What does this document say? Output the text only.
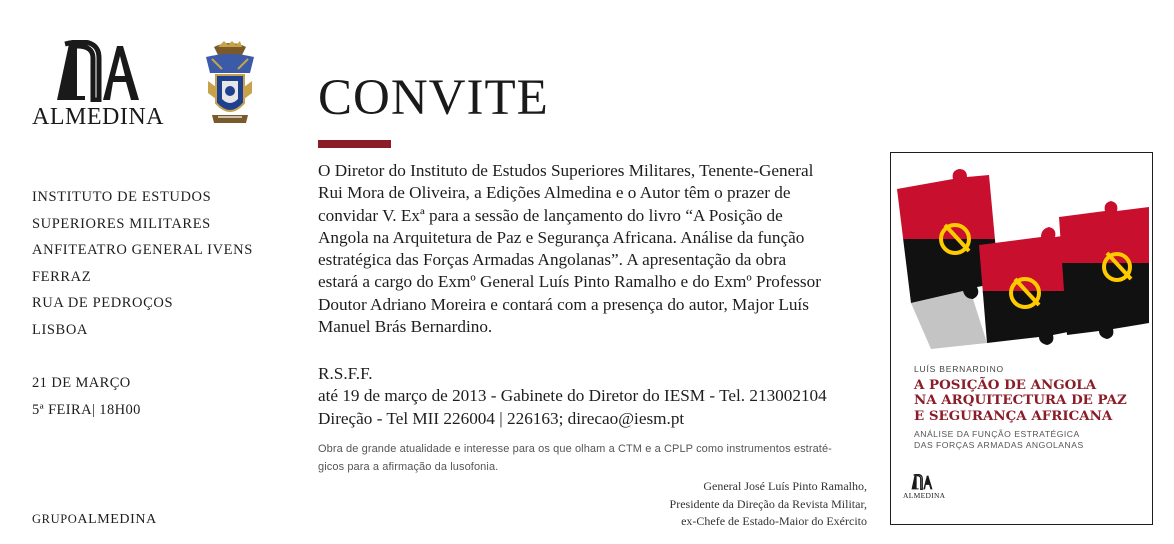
ALMEDINA
INSTITUTO DE ESTUDOS
SUPERIORES MILITARES
ANFITEATRO GENERAL IVENS
FERRAZ
RUA DE PEDROÇOS
LISBOA
21 DE MARÇO
5ª FEIRA| 18H00
GRUPOALMEDINA
CONVITE
O Diretor do Instituto de Estudos Superiores Militares, Tenente-General
Rui Mora de Oliveira, a Edições Almedina e o Autor têm o prazer de
convidar V. Exª para a sessão de lançamento do livro “A Posição de
Angola na Arquitetura de Paz e Segurança Africana. Análise da função
estratégica das Forças Armadas Angolanas”. A apresentação da obra
estará a cargo do Exmº General Luís Pinto Ramalho e do Exmº Professor
Doutor Adriano Moreira e contará com a presença do autor, Major Luís
Manuel Brás Bernardino.
R.S.F.F.
até 19 de março de 2013 - Gabinete do Diretor do IESM - Tel. 213002104
Direção - Tel MII 226004 | 226163; direcao@iesm.pt
Obra de grande atualidade e interesse para os que olham a CTM e a CPLP como instrumentos estraté-
gicos para a afirmação da lusofonia.
General José Luís Pinto Ramalho,
Presidente da Direção da Revista Militar,
ex-Chefe de Estado-Maior do Exército
LUÍS BERNARDINO
A POSIÇÃO DE ANGOLA
NA ARQUITECTURA DE PAZ
E SEGURANÇA AFRICANA
ANÁLISE DA FUNÇÃO ESTRATÉGICA
DAS FORÇAS ARMADAS ANGOLANAS
ALMEDINA
